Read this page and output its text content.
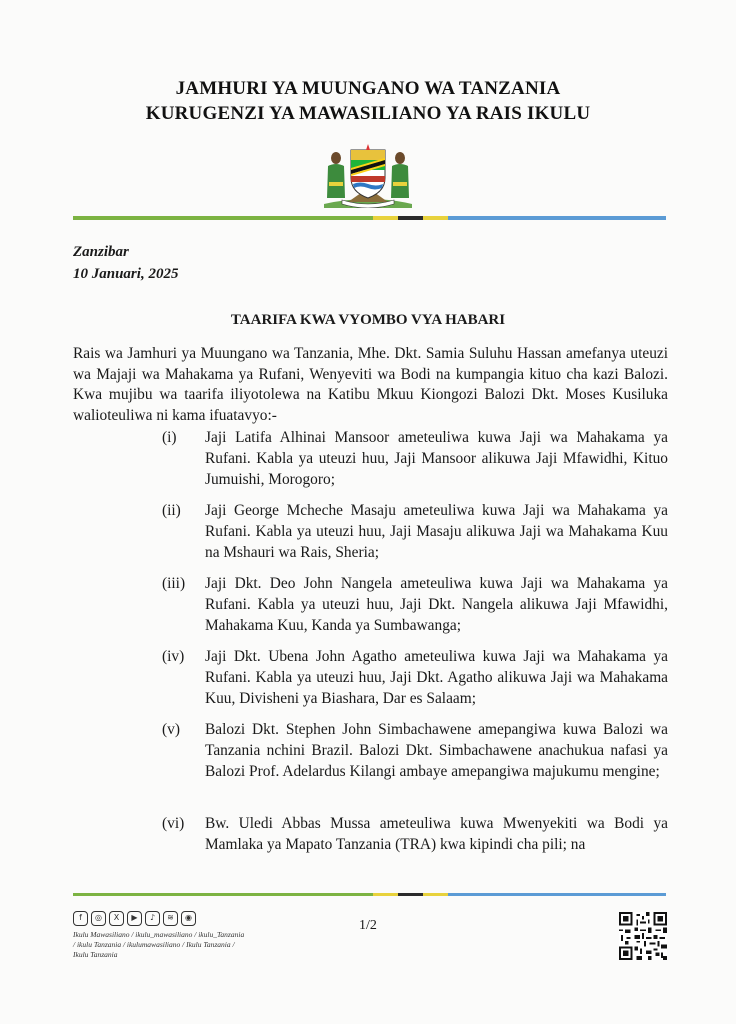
JAMHURI YA MUUNGANO WA TANZANIA
KURUGENZI YA MAWASILIANO YA RAIS IKULU
Zanzibar
10 Januari, 2025
TAARIFA KWA VYOMBO VYA HABARI
Rais wa Jamhuri ya Muungano wa Tanzania, Mhe. Dkt. Samia Suluhu Hassan amefanya uteuzi wa Majaji wa Mahakama ya Rufani, Wenyeviti wa Bodi na kumpangia kituo cha kazi Balozi. Kwa mujibu wa taarifa iliyotolewa na Katibu Mkuu Kiongozi Balozi Dkt. Moses Kusiluka walioteuliwa ni kama ifuatavyo:-
(i) Jaji Latifa Alhinai Mansoor ameteuliwa kuwa Jaji wa Mahakama ya Rufani. Kabla ya uteuzi huu, Jaji Mansoor alikuwa Jaji Mfawidhi, Kituo Jumuishi, Morogoro;
(ii) Jaji George Mcheche Masaju ameteuliwa kuwa Jaji wa Mahakama ya Rufani. Kabla ya uteuzi huu, Jaji Masaju alikuwa Jaji wa Mahakama Kuu na Mshauri wa Rais, Sheria;
(iii) Jaji Dkt. Deo John Nangela ameteuliwa kuwa Jaji wa Mahakama ya Rufani. Kabla ya uteuzi huu, Jaji Dkt. Nangela alikuwa Jaji Mfawidhi, Mahakama Kuu, Kanda ya Sumbawanga;
(iv) Jaji Dkt. Ubena John Agatho ameteuliwa kuwa Jaji wa Mahakama ya Rufani. Kabla ya uteuzi huu, Jaji Dkt. Agatho alikuwa Jaji wa Mahakama Kuu, Divisheni ya Biashara, Dar es Salaam;
(v) Balozi Dkt. Stephen John Simbachawene amepangiwa kuwa Balozi wa Tanzania nchini Brazil. Balozi Dkt. Simbachawene anachukua nafasi ya Balozi Prof. Adelardus Kilangi ambaye amepangiwa majukumu mengine;
(vi) Bw. Uledi Abbas Mussa ameteuliwa kuwa Mwenyekiti wa Bodi ya Mamlaka ya Mapato Tanzania (TRA) kwa kipindi cha pili; na
f	◎	X	▶	♪	≋	◉
Ikulu Mawasiliano / ikulu_mawasiliano / ikulu_Tanzania / ikulu Tanzania / ikulumawasiliano / Ikulu Tanzania / Ikulu Tanzania
1/2
